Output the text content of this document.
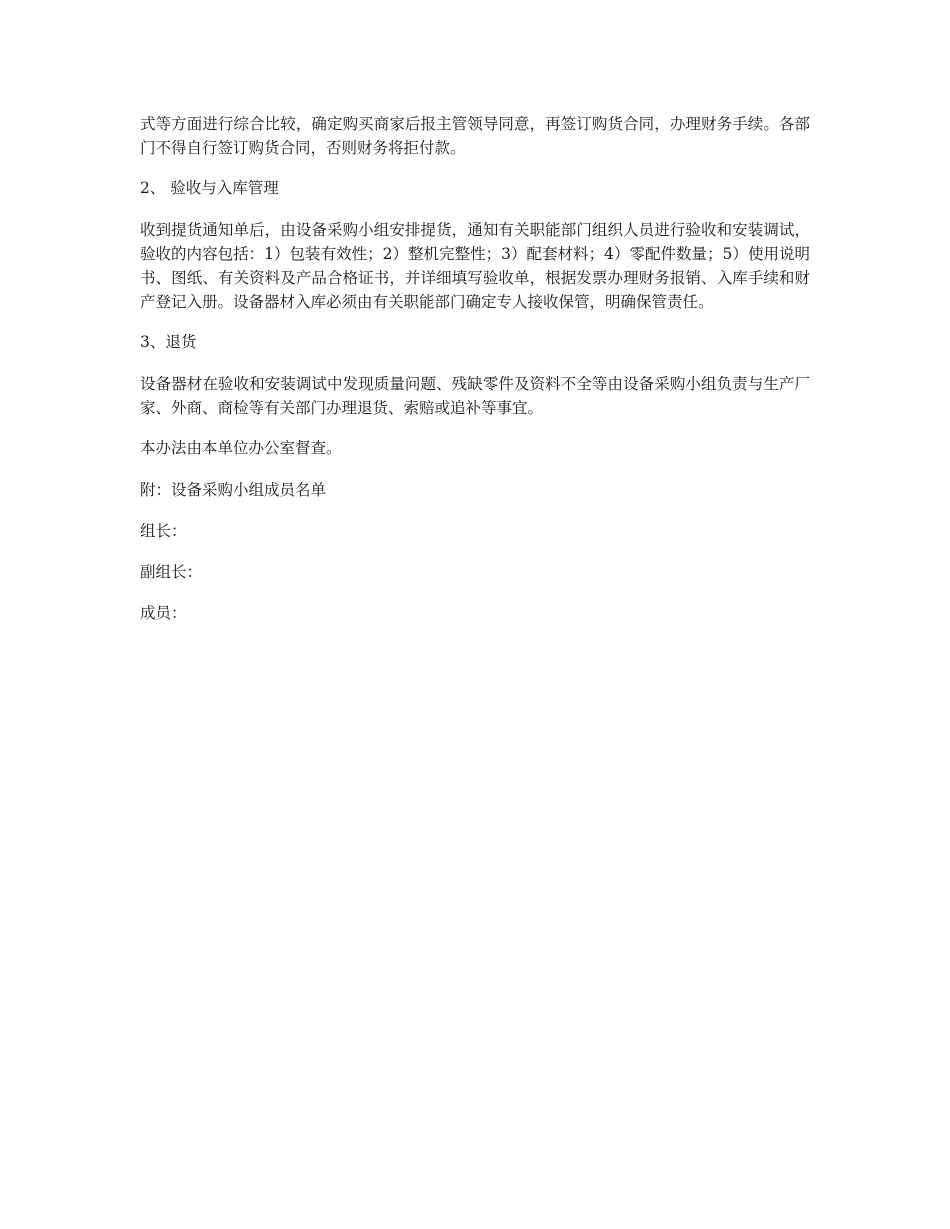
式等方面进行综合比较，确定购买商家后报主管领导同意，再签订购货合同，办理财务手续。各部门不得自行签订购货合同，否则财务将拒付款。

2、 验收与入库管理

收到提货通知单后，由设备采购小组安排提货，通知有关职能部门组织人员进行验收和安装调试，验收的内容包括：1）包装有效性；2）整机完整性；3）配套材料；4）零配件数量；5）使用说明书、图纸、有关资料及产品合格证书，并详细填写验收单，根据发票办理财务报销、入库手续和财产登记入册。设备器材入库必须由有关职能部门确定专人接收保管，明确保管责任。

3、退货

设备器材在验收和安装调试中发现质量问题、残缺零件及资料不全等由设备采购小组负责与生产厂家、外商、商检等有关部门办理退货、索赔或追补等事宜。

本办法由本单位办公室督查。

附：设备采购小组成员名单

组长：

副组长：

成员：
